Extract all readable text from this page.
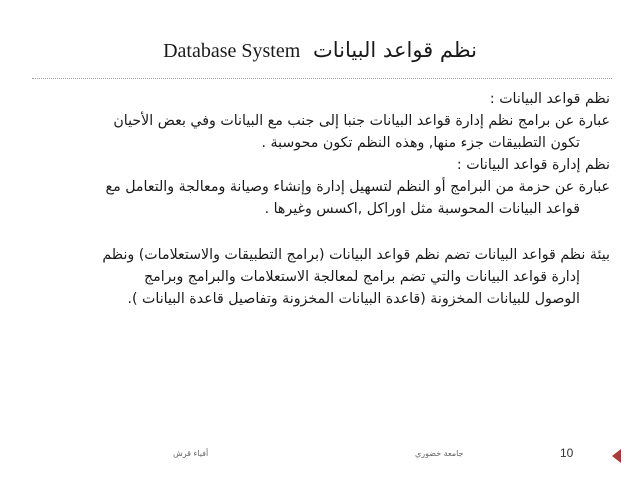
نظم قواعد البيانات Database System

نظم قواعد البيانات :

عبارة عن برامج نظم إدارة قواعد البيانات جنبا إلى جنب مع البيانات وفي بعض الأحيان

تكون التطبيقات جزء منها, وهذه النظم تكون محوسبة .

نظم إدارة قواعد البيانات :

عبارة عن حزمة من البرامج أو النظم لتسهيل إدارة وإنشاء وصيانة ومعالجة والتعامل مع

قواعد البيانات المحوسبة مثل اوراكل ,اكسس وغيرها .

بيئة نظم قواعد البيانات تضم نظم قواعد البيانات (برامج التطبيقات والاستعلامات) ونظم

إدارة قواعد البيانات والتي تضم برامج لمعالجة الاستعلامات والبرامج وبرامج

الوصول للبيانات المخزونة (قاعدة البيانات المخزونة وتفاصيل قاعدة البيانات ).

أفياء قرش	جامعة خضوري	10
